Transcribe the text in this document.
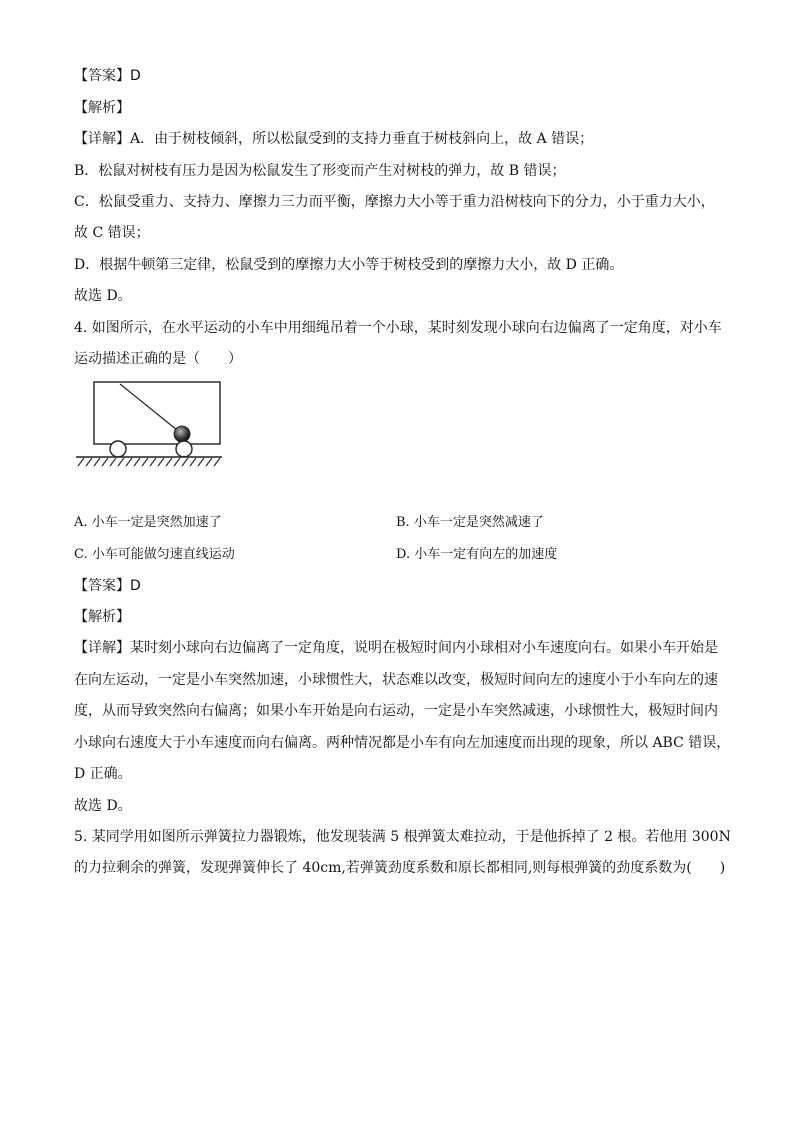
【答案】D
【解析】
【详解】A．由于树枝倾斜，所以松鼠受到的支持力垂直于树枝斜向上，故 A 错误；
B．松鼠对树枝有压力是因为松鼠发生了形变而产生对树枝的弹力，故 B 错误；
C．松鼠受重力、支持力、摩擦力三力而平衡，摩擦力大小等于重力沿树枝向下的分力，小于重力大小，
故 C 错误；
D．根据牛顿第三定律，松鼠受到的摩擦力大小等于树枝受到的摩擦力大小，故 D 正确。
故选 D。
4. 如图所示，在水平运动的小车中用细绳吊着一个小球，某时刻发现小球向右边偏离了一定角度，对小车
运动描述正确的是（　　）
A. 小车一定是突然加速了	B. 小车一定是突然减速了
C. 小车可能做匀速直线运动	D. 小车一定有向左的加速度
【答案】D
【解析】
【详解】某时刻小球向右边偏离了一定角度，说明在极短时间内小球相对小车速度向右。如果小车开始是
在向左运动，一定是小车突然加速，小球惯性大，状态难以改变，极短时间向左的速度小于小车向左的速
度，从而导致突然向右偏离；如果小车开始是向右运动，一定是小车突然减速，小球惯性大，极短时间内
小球向右速度大于小车速度而向右偏离。两种情况都是小车有向左加速度而出现的现象，所以 ABC 错误，
D 正确。
故选 D。
5. 某同学用如图所示弹簧拉力器锻炼，他发现装满 5 根弹簧太难拉动，于是他拆掉了 2 根。若他用 300N
的力拉剩余的弹簧，发现弹簧伸长了 40cm,若弹簧劲度系数和原长都相同,则每根弹簧的劲度系数为(　　)
